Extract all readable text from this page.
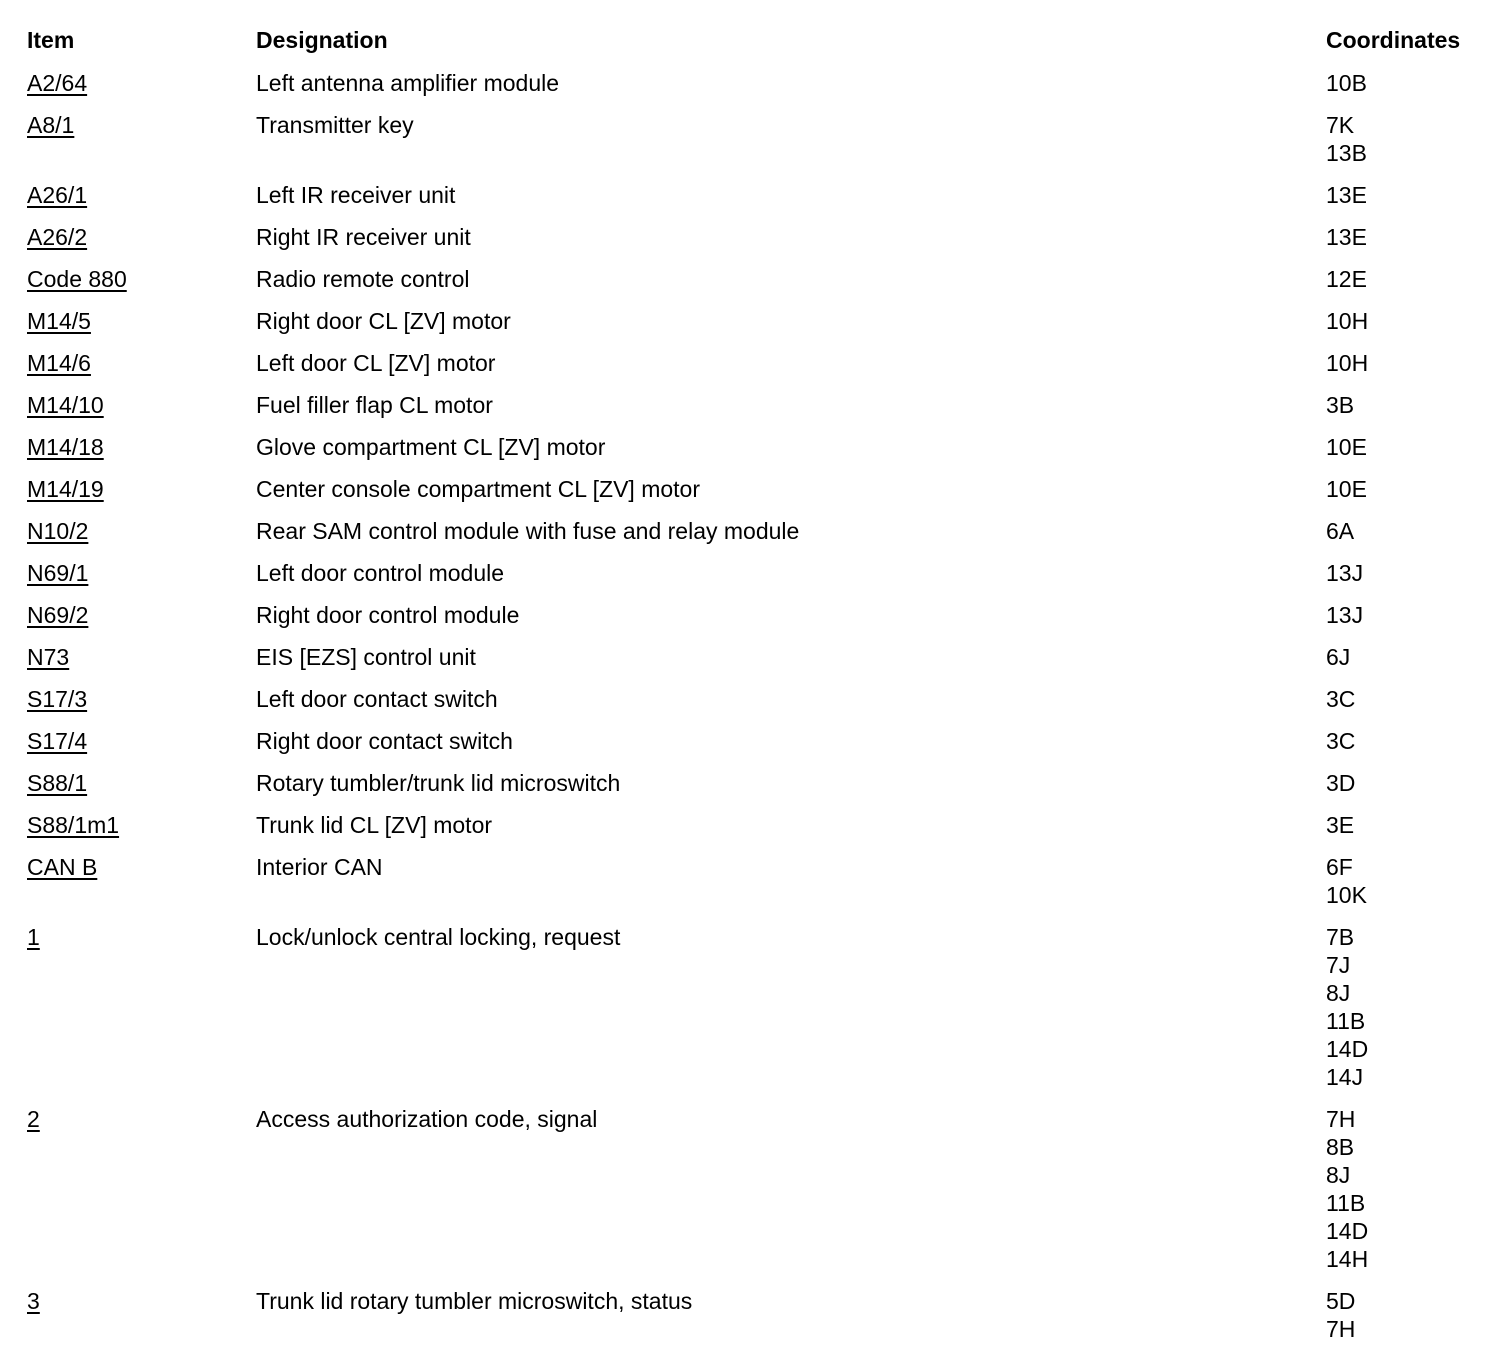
Item	Designation	Coordinates
A2/64	Left antenna amplifier module	10B
A8/1	Transmitter key	7K
13B
A26/1	Left IR receiver unit	13E
A26/2	Right IR receiver unit	13E
Code 880	Radio remote control	12E
M14/5	Right door CL [ZV] motor	10H
M14/6	Left door CL [ZV] motor	10H
M14/10	Fuel filler flap CL motor	3B
M14/18	Glove compartment CL [ZV] motor	10E
M14/19	Center console compartment CL [ZV] motor	10E
N10/2	Rear SAM control module with fuse and relay module	6A
N69/1	Left door control module	13J
N69/2	Right door control module	13J
N73	EIS [EZS] control unit	6J
S17/3	Left door contact switch	3C
S17/4	Right door contact switch	3C
S88/1	Rotary tumbler/trunk lid microswitch	3D
S88/1m1	Trunk lid CL [ZV] motor	3E
CAN B	Interior CAN	6F
10K
1	Lock/unlock central locking, request	7B
7J
8J
11B
14D
14J
2	Access authorization code, signal	7H
8B
8J
11B
14D
14H
3	Trunk lid rotary tumbler microswitch, status	5D
7H
